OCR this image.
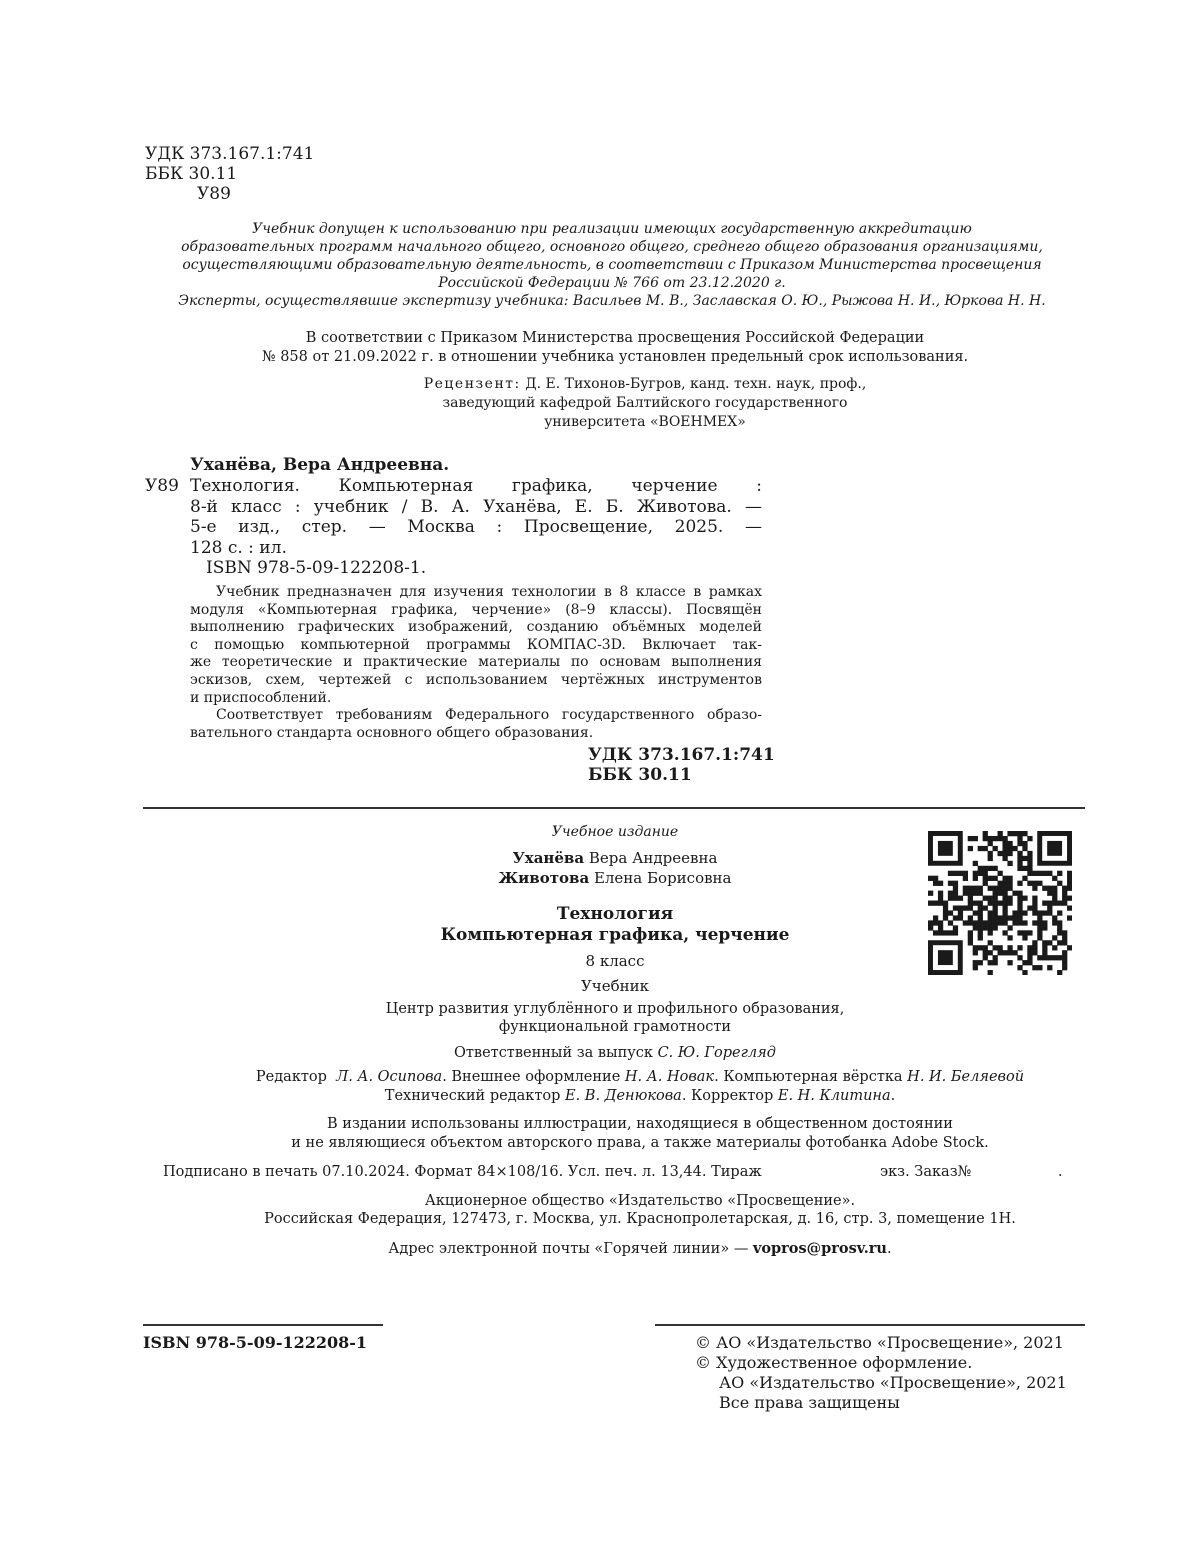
УДК 373.167.1:741
ББК 30.11
У89
Учебник допущен к использованию при реализации имеющих государственную аккредитацию
образовательных программ начального общего, основного общего, среднего общего образования организациями,
осуществляющими образовательную деятельность, в соответствии с Приказом Министерства просвещения
Российской Федерации № 766 от 23.12.2020 г.
Эксперты, осуществлявшие экспертизу учебника: Васильев М. В., Заславская О. Ю., Рыжова Н. И., Юркова Н. Н.
В соответствии с Приказом Министерства просвещения Российской Федерации
№ 858 от 21.09.2022 г. в отношении учебника установлен предельный срок использования.
Рецензент: Д. Е. Тихонов-Бугров, канд. техн. наук, проф.,
заведующий кафедрой Балтийского государственного
университета «ВОЕНМЕХ»
Уханёва, Вера Андреевна.
У89 Технология. Компьютерная графика, черчение :
8-й класс : учебник / В. А. Уханёва, Е. Б. Животова. —
5-е изд., стер. — Москва : Просвещение, 2025. —
128 с. : ил.
ISBN 978-5-09-122208-1.
Учебник предназначен для изучения технологии в 8 классе в рамках
модуля «Компьютерная графика, черчение» (8–9 классы). Посвящён
выполнению графических изображений, созданию объёмных моделей
с помощью компьютерной программы КОМПАС-3D. Включает так-
же теоретические и практические материалы по основам выполнения
эскизов, схем, чертежей с использованием чертёжных инструментов
и приспособлений.
Соответствует требованиям Федерального государственного образо-
вательного стандарта основного общего образования.
УДК 373.167.1:741
ББК 30.11
Учебное издание
Уханёва Вера Андреевна
Животова Елена Борисовна
Технология
Компьютерная графика, черчение
8 класс
Учебник
Центр развития углублённого и профильного образования,
функциональной грамотности
Ответственный за выпуск С. Ю. Горегляд
Редактор Л. А. Осипова. Внешнее оформление Н. А. Новак. Компьютерная вёрстка Н. И. Беляевой
Технический редактор Е. В. Денюкова. Корректор Е. Н. Клитина.
В издании использованы иллюстрации, находящиеся в общественном достоянии
и не являющиеся объектом авторского права, а также материалы фотобанка Adobe Stock.
Подписано в печать 07.10.2024. Формат 84×108/16. Усл. печ. л. 13,44. Тираж	экз. Заказ№	.
Акционерное общество «Издательство «Просвещение».
Российская Федерация, 127473, г. Москва, ул. Краснопролетарская, д. 16, стр. 3, помещение 1Н.
Адрес электронной почты «Горячей линии» — vopros@prosv.ru.
ISBN 978-5-09-122208-1	© АО «Издательство «Просвещение», 2021
© Художественное оформление.
АО «Издательство «Просвещение», 2021
Все права защищены
